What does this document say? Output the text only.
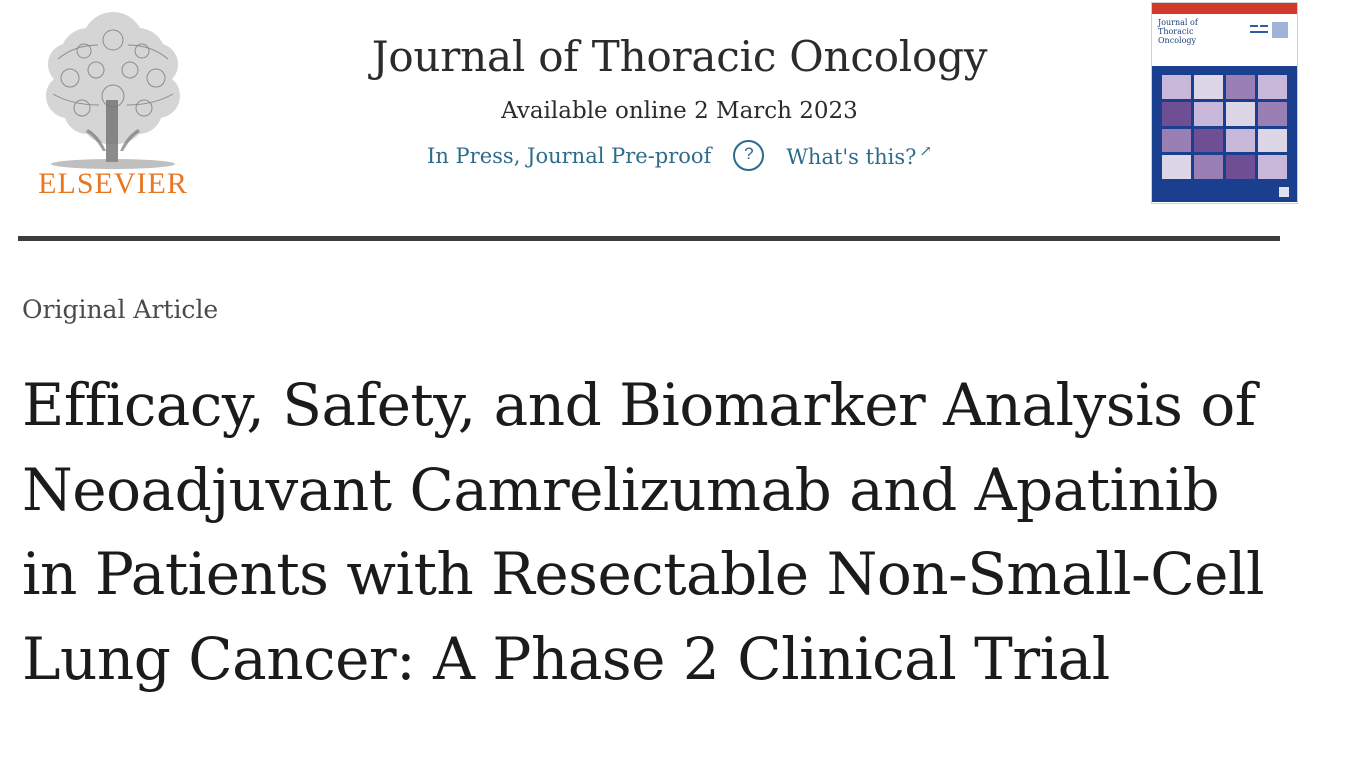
ELSEVIER
Journal of Thoracic Oncology
Available online 2 March 2023
In Press, Journal Pre-proof	?	What's this? ↗
Journal of Thoracic Oncology
Original Article
Efficacy, Safety, and Biomarker Analysis of Neoadjuvant Camrelizumab and Apatinib in Patients with Resectable Non-Small-Cell Lung Cancer: A Phase 2 Clinical Trial
